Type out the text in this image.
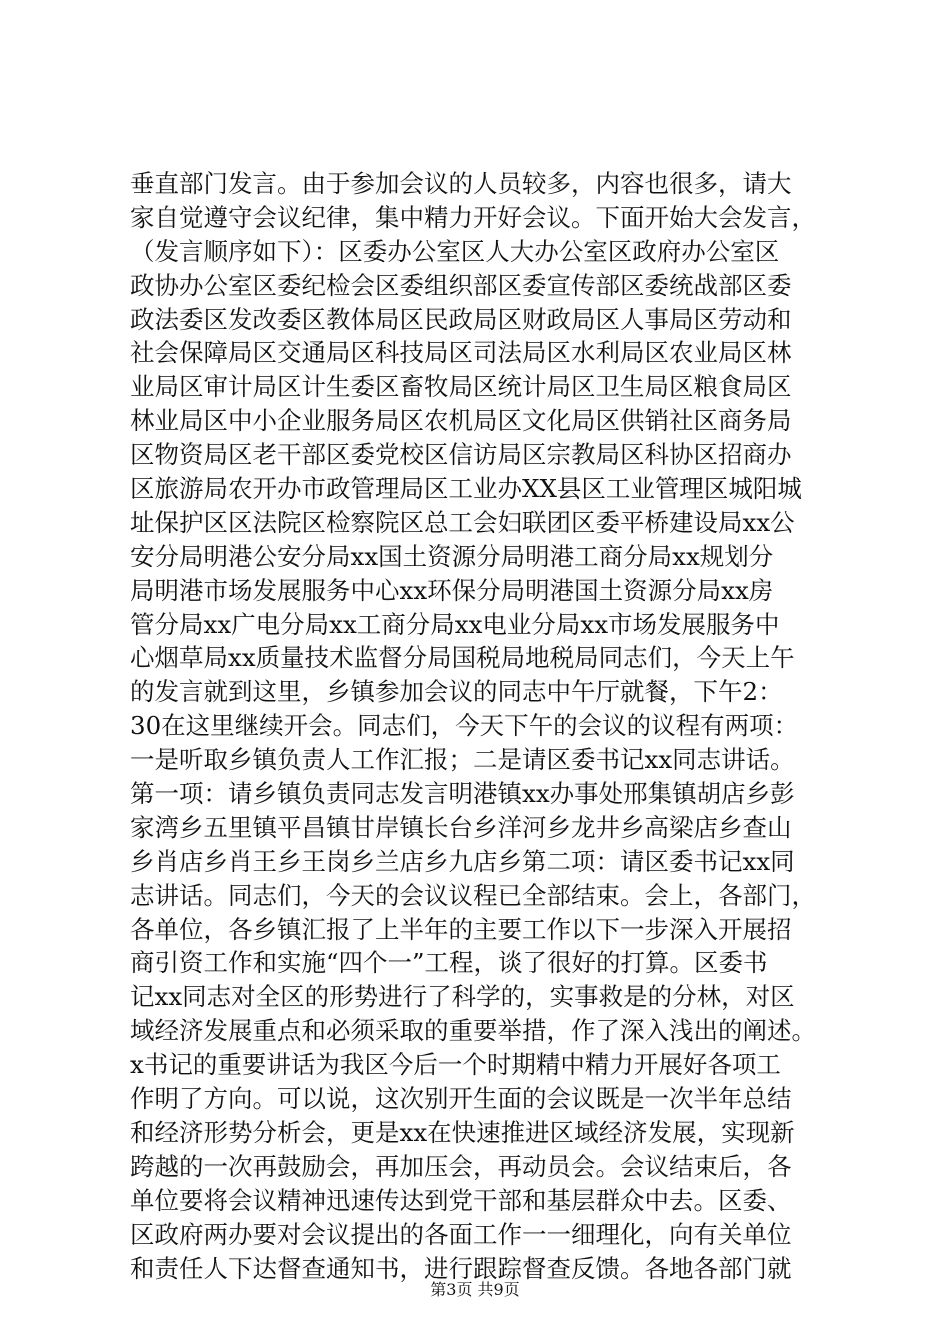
垂直部门发言。由于参加会议的人员较多，内容也很多，请大
家自觉遵守会议纪律，集中精力开好会议。下面开始大会发言，
（发言顺序如下）：区委办公室区人大办公室区政府办公室区
政协办公室区委纪检会区委组织部区委宣传部区委统战部区委
政法委区发改委区教体局区民政局区财政局区人事局区劳动和
社会保障局区交通局区科技局区司法局区水利局区农业局区林
业局区审计局区计生委区畜牧局区统计局区卫生局区粮食局区
林业局区中小企业服务局区农机局区文化局区供销社区商务局
区物资局区老干部区委党校区信访局区宗教局区科协区招商办
区旅游局农开办市政管理局区工业办XX县区工业管理区城阳城
址保护区区法院区检察院区总工会妇联团区委平桥建设局xx公
安分局明港公安分局xx国土资源分局明港工商分局xx规划分
局明港市场发展服务中心xx环保分局明港国土资源分局xx房
管分局xx广电分局xx工商分局xx电业分局xx市场发展服务中
心烟草局xx质量技术监督分局国税局地税局同志们，今天上午
的发言就到这里，乡镇参加会议的同志中午厅就餐，下午2：
30在这里继续开会。同志们，今天下午的会议的议程有两项：
一是听取乡镇负责人工作汇报；二是请区委书记xx同志讲话。
第一项：请乡镇负责同志发言明港镇xx办事处邢集镇胡店乡彭
家湾乡五里镇平昌镇甘岸镇长台乡洋河乡龙井乡高梁店乡查山
乡肖店乡肖王乡王岗乡兰店乡九店乡第二项：请区委书记xx同
志讲话。同志们，今天的会议议程已全部结束。会上，各部门，
各单位，各乡镇汇报了上半年的主要工作以下一步深入开展招
商引资工作和实施“四个一”工程，谈了很好的打算。区委书
记xx同志对全区的形势进行了科学的，实事救是的分林，对区
域经济发展重点和必须采取的重要举措，作了深入浅出的阐述。
x书记的重要讲话为我区今后一个时期精中精力开展好各项工
作明了方向。可以说，这次别开生面的会议既是一次半年总结
和经济形势分析会，更是xx在快速推进区域经济发展，实现新
跨越的一次再鼓励会，再加压会，再动员会。会议结束后，各
单位要将会议精神迅速传达到党干部和基层群众中去。区委、
区政府两办要对会议提出的各面工作一一细理化，向有关单位
和责任人下达督查通知书，进行跟踪督查反馈。各地各部门就
第3页 共9页
